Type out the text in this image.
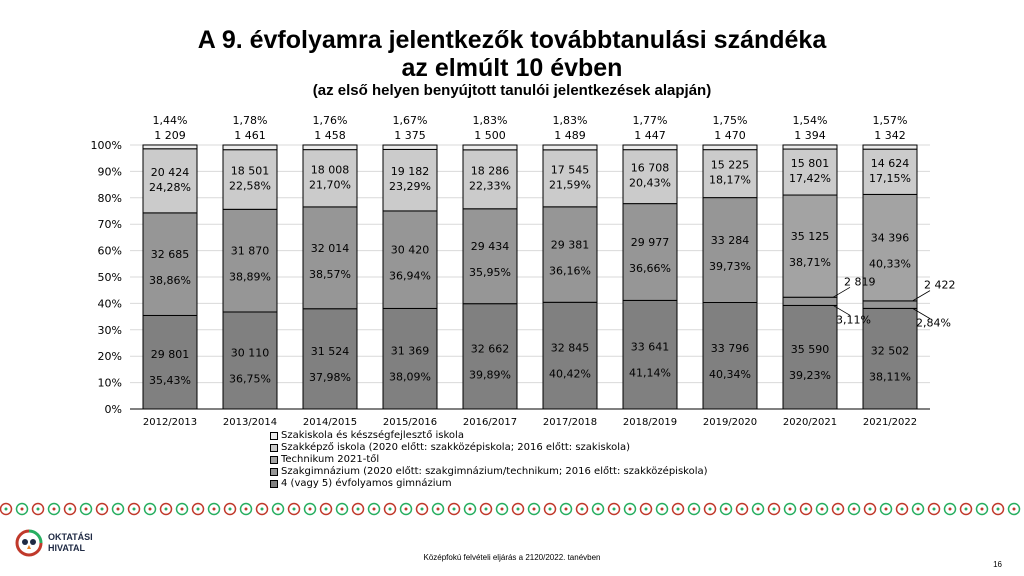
A 9. évfolyamra jelentkezők továbbtanulási szándéka
az elmúlt 10 évben
(az első helyen benyújtott tanulói jelentkezések alapján)
0%
10%
20%
30%
40%
50%
60%
70%
80%
90%
100%
2012/2013	2013/2014	2014/2015	2015/2016	2016/2017	2017/2018	2018/2019	2019/2020	2020/2021	2021/2022
29 801
35,43%
32 685
38,86%
20 424
24,28%
1,44%
1 209
30 110
36,75%
31 870
38,89%
18 501
22,58%
1,78%
1 461
31 524
37,98%
32 014
38,57%
18 008
21,70%
1,76%
1 458
31 369
38,09%
30 420
36,94%
19 182
23,29%
1,67%
1 375
32 662
39,89%
29 434
35,95%
18 286
22,33%
1,83%
1 500
32 845
40,42%
29 381
36,16%
17 545
21,59%
1,83%
1 489
33 641
41,14%
29 977
36,66%
16 708
20,43%
1,77%
1 447
33 796
40,34%
33 284
39,73%
15 225
18,17%
1,75%
1 470
35 590
39,23%
2 819
3,11%
35 125
38,71%
15 801
17,42%
1,54%
1 394
32 502
38,11%
2 422
2,84%
34 396
40,33%
14 624
17,15%
1,57%
1 342
Szakiskola és készségfejlesztő iskola
Szakképző iskola (2020 előtt: szakközépiskola; 2016 előtt: szakiskola)
Technikum 2021-től
Szakgimnázium (2020 előtt: szakgimnázium/technikum; 2016 előtt: szakközépiskola)
4 (vagy 5) évfolyamos gimnázium
OKTATÁSI
HIVATAL
Középfokú felvételi eljárás a 2120/2022. tanévben
16
